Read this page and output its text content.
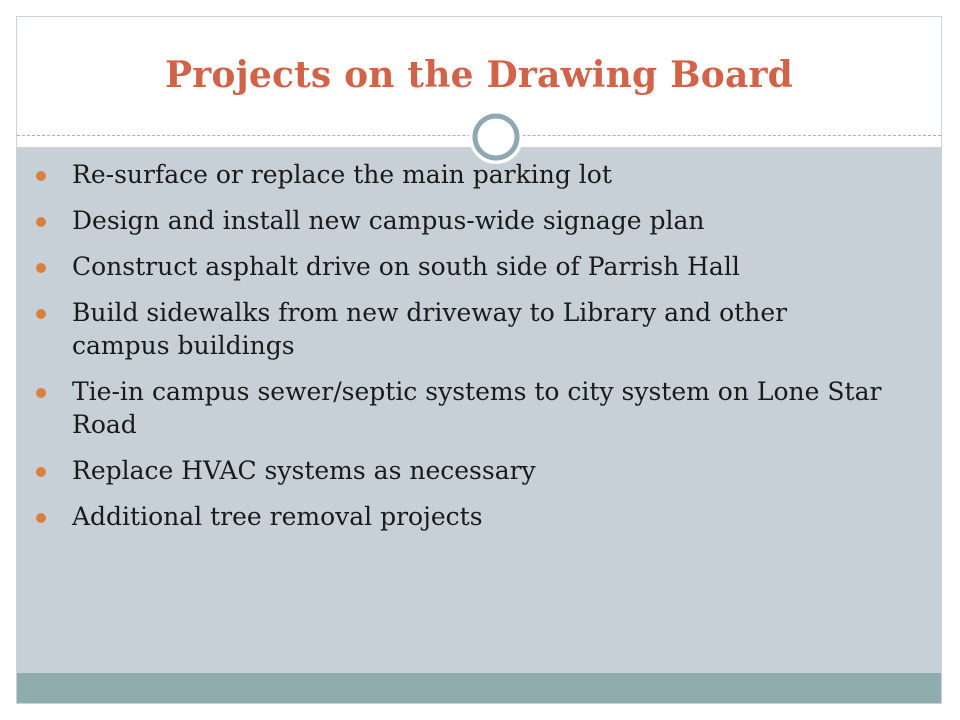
Projects on the Drawing Board
Re-surface or replace the main parking lot
Design and install new campus-wide signage plan
Construct asphalt drive on south side of Parrish Hall
Build sidewalks from new driveway to Library and other campus buildings
Tie-in campus sewer/septic systems to city system on Lone Star Road
Replace HVAC systems as necessary
Additional tree removal projects
